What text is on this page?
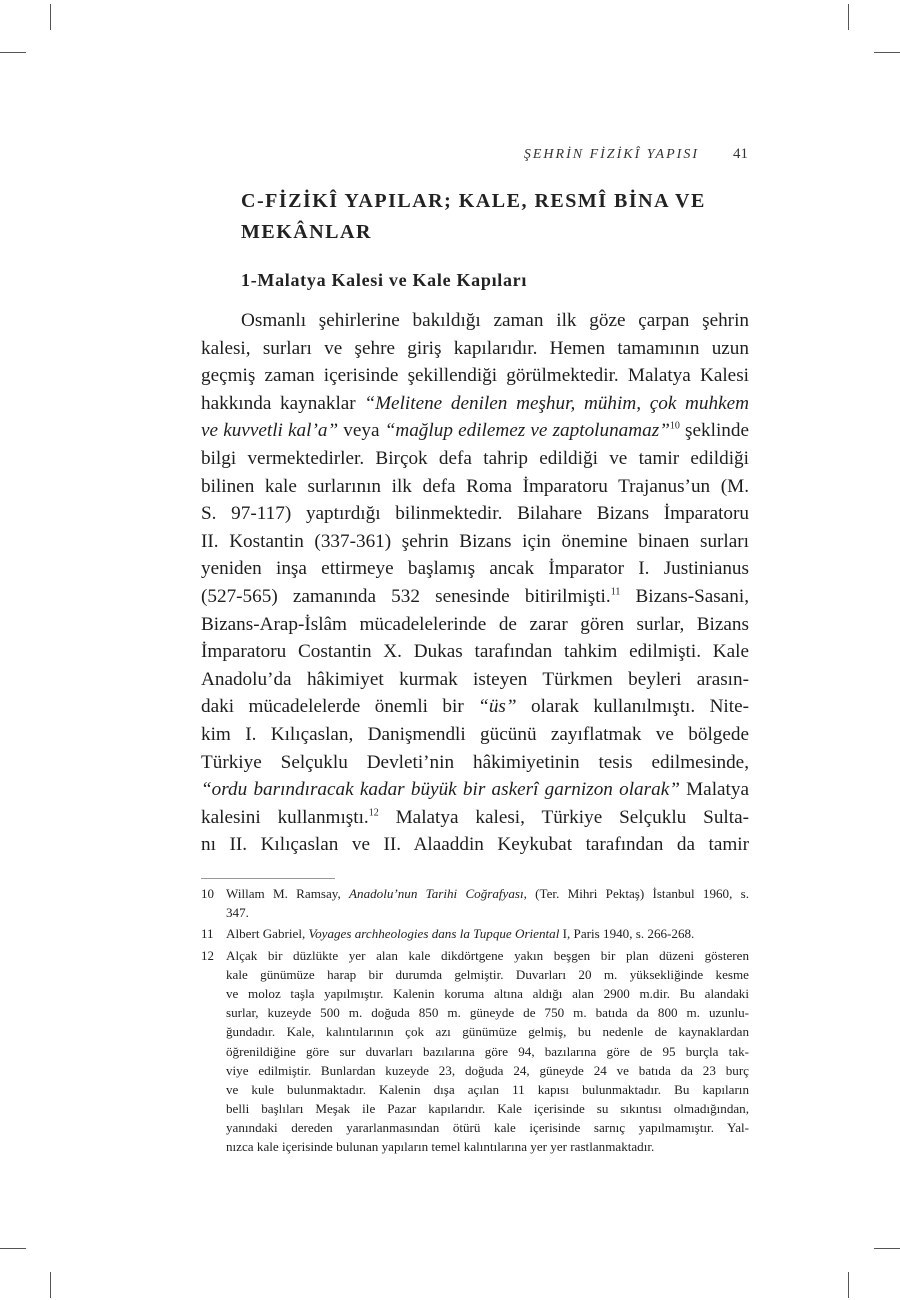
ŞEHRİN FİZİKÎ YAPISI 41
C-FİZİKÎ YAPILAR; KALE, RESMÎ BİNA VE MEKÂNLAR
1-Malatya Kalesi ve Kale Kapıları
Osmanlı şehirlerine bakıldığı zaman ilk göze çarpan şehrin
kalesi, surları ve şehre giriş kapılarıdır. Hemen tamamının uzun
geçmiş zaman içerisinde şekillendiği görülmektedir. Malatya Kalesi
hakkında kaynaklar “Melitene denilen meşhur, mühim, çok muhkem
ve kuvvetli kal’a” veya “mağlup edilemez ve zaptolunamaz”$^{10}$ şeklinde
bilgi vermektedirler. Birçok defa tahrip edildiği ve tamir edildiği
bilinen kale surlarının ilk defa Roma İmparatoru Trajanus’un (M.
S. 97-117) yaptırdığı bilinmektedir. Bilahare Bizans İmparatoru
II. Kostantin (337-361) şehrin Bizans için önemine binaen surları
yeniden inşa ettirmeye başlamış ancak İmparator I. Justinianus
(527-565) zamanında 532 senesinde bitirilmişti.$^{11}$ Bizans-Sasani,
Bizans-Arap-İslâm mücadelelerinde de zarar gören surlar, Bizans
İmparatoru Costantin X. Dukas tarafından tahkim edilmişti. Kale
Anadolu’da hâkimiyet kurmak isteyen Türkmen beyleri arasın-
daki mücadelelerde önemli bir “üs” olarak kullanılmıştı. Nite-
kim I. Kılıçaslan, Danişmendli gücünü zayıflatmak ve bölgede
Türkiye Selçuklu Devleti’nin hâkimiyetinin tesis edilmesinde,
“ordu barındıracak kadar büyük bir askerî garnizon olarak” Malatya
kalesini kullanmıştı.$^{12}$ Malatya kalesi, Türkiye Selçuklu Sulta-
nı II. Kılıçaslan ve II. Alaaddin Keykubat tarafından da tamir
10 Willam M. Ramsay, Anadolu’nun Tarihi Coğrafyası, (Ter. Mihri Pektaş) İstanbul 1960, s.
347.
11 Albert Gabriel, Voyages archheologies dans la Tupque Oriental I, Paris 1940, s. 266-268.
12 Alçak bir düzlükte yer alan kale dikdörtgene yakın beşgen bir plan düzeni gösteren
kale günümüze harap bir durumda gelmiştir. Duvarları 20 m. yüksekliğinde kesme
ve moloz taşla yapılmıştır. Kalenin koruma altına aldığı alan 2900 m.dir. Bu alandaki
surlar, kuzeyde 500 m. doğuda 850 m. güneyde de 750 m. batıda da 800 m. uzunlu-
ğundadır. Kale, kalıntılarının çok azı günümüze gelmiş, bu nedenle de kaynaklardan
öğrenildiğine göre sur duvarları bazılarına göre 94, bazılarına göre de 95 burçla tak-
viye edilmiştir. Bunlardan kuzeyde 23, doğuda 24, güneyde 24 ve batıda da 23 burç
ve kule bulunmaktadır. Kalenin dışa açılan 11 kapısı bulunmaktadır. Bu kapıların
belli başlıları Meşak ile Pazar kapılarıdır. Kale içerisinde su sıkıntısı olmadığından,
yanındaki dereden yararlanmasından ötürü kale içerisinde sarnıç yapılmamıştır. Yal-
nızca kale içerisinde bulunan yapıların temel kalıntılarına yer yer rastlanmaktadır.
